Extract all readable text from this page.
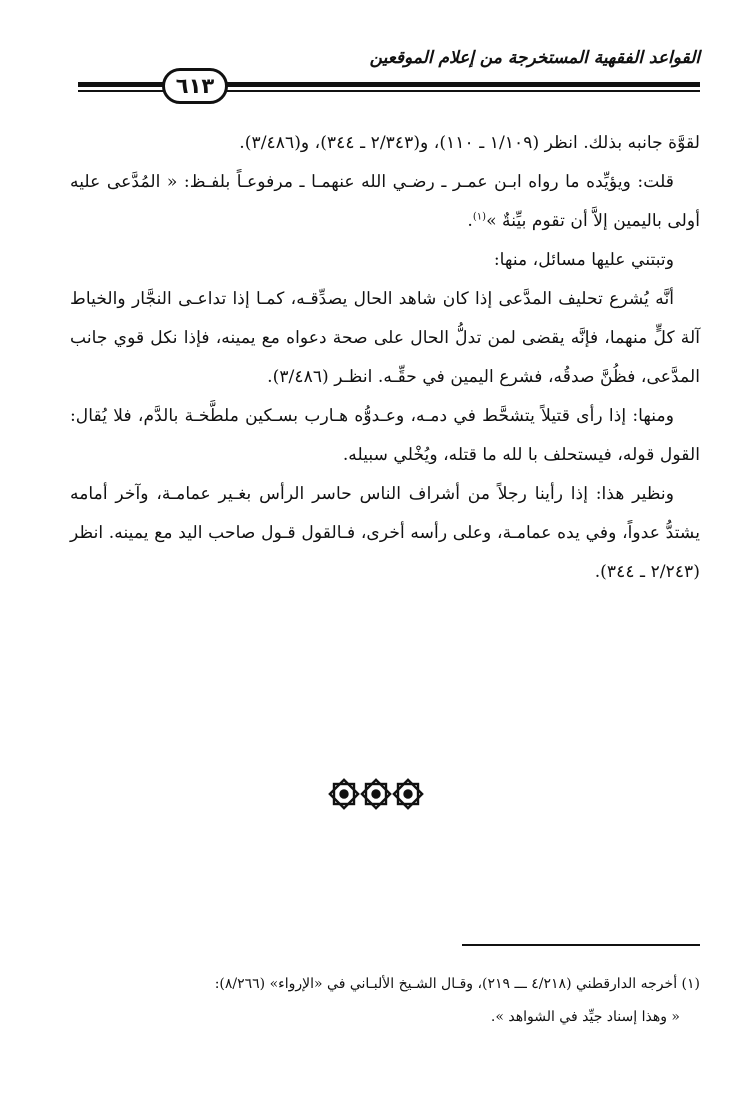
القواعد الفقهية المستخرجة من إعلام الموقعين
٦١٣

لقوَّة جانبه بذلك. انظر (١/١٠٩ ـ ١١٠)، و(٢/٣٤٣ ـ ٣٤٤)، و(٣/٤٨٦).

قلت: ويؤيِّده ما رواه ابـن عمـر ـ رضـي الله عنهمـا ـ مرفوعـاً بلفـظ: « المُدَّعى عليه أولى باليمين إلاَّ أن تقوم بيِّنةٌ »$^{(١)}$.

وتبتني عليها مسائل، منها:

أنَّه يُشرع تحليف المدَّعى إذا كان شاهد الحال يصدِّقـه، كمـا إذا تداعـى النجَّار والخياط آلة كلٍّ منهما، فإنَّه يقضى لمن تدلُّ الحال على صحة دعواه مع يمينه، فإذا نكل قوي جانب المدَّعى، فظُنَّ صدقُه، فشرع اليمين في حقِّـه. انظـر (٣/٤٨٦).

ومنها: إذا رأى قتيلاً يتشحَّط في دمـه، وعـدوُّه هـارب بسـكين ملطَّخـة بالدَّم، فلا يُقال: القول قوله، فيستحلف با لله ما قتله، ويُخْلي سبيله.

ونظير هذا: إذا رأينا رجلاً من أشراف الناس حاسر الرأس بغـير عمامـة، وآخر أمامه يشتدُّ عدواً، وفي يده عمامـة، وعلى رأسه أخرى، فـالقول قـول صاحب اليد مع يمينه. انظر (٢/٢٤٣ ـ ٣٤٤).

(١) أخرجه الدارقطني (٤/٢١٨ ـــ ٢١٩)، وقـال الشـيخ الألبـاني في «الإرواء» (٨/٢٦٦):

« وهذا إسناد جيِّد في الشواهد ».
